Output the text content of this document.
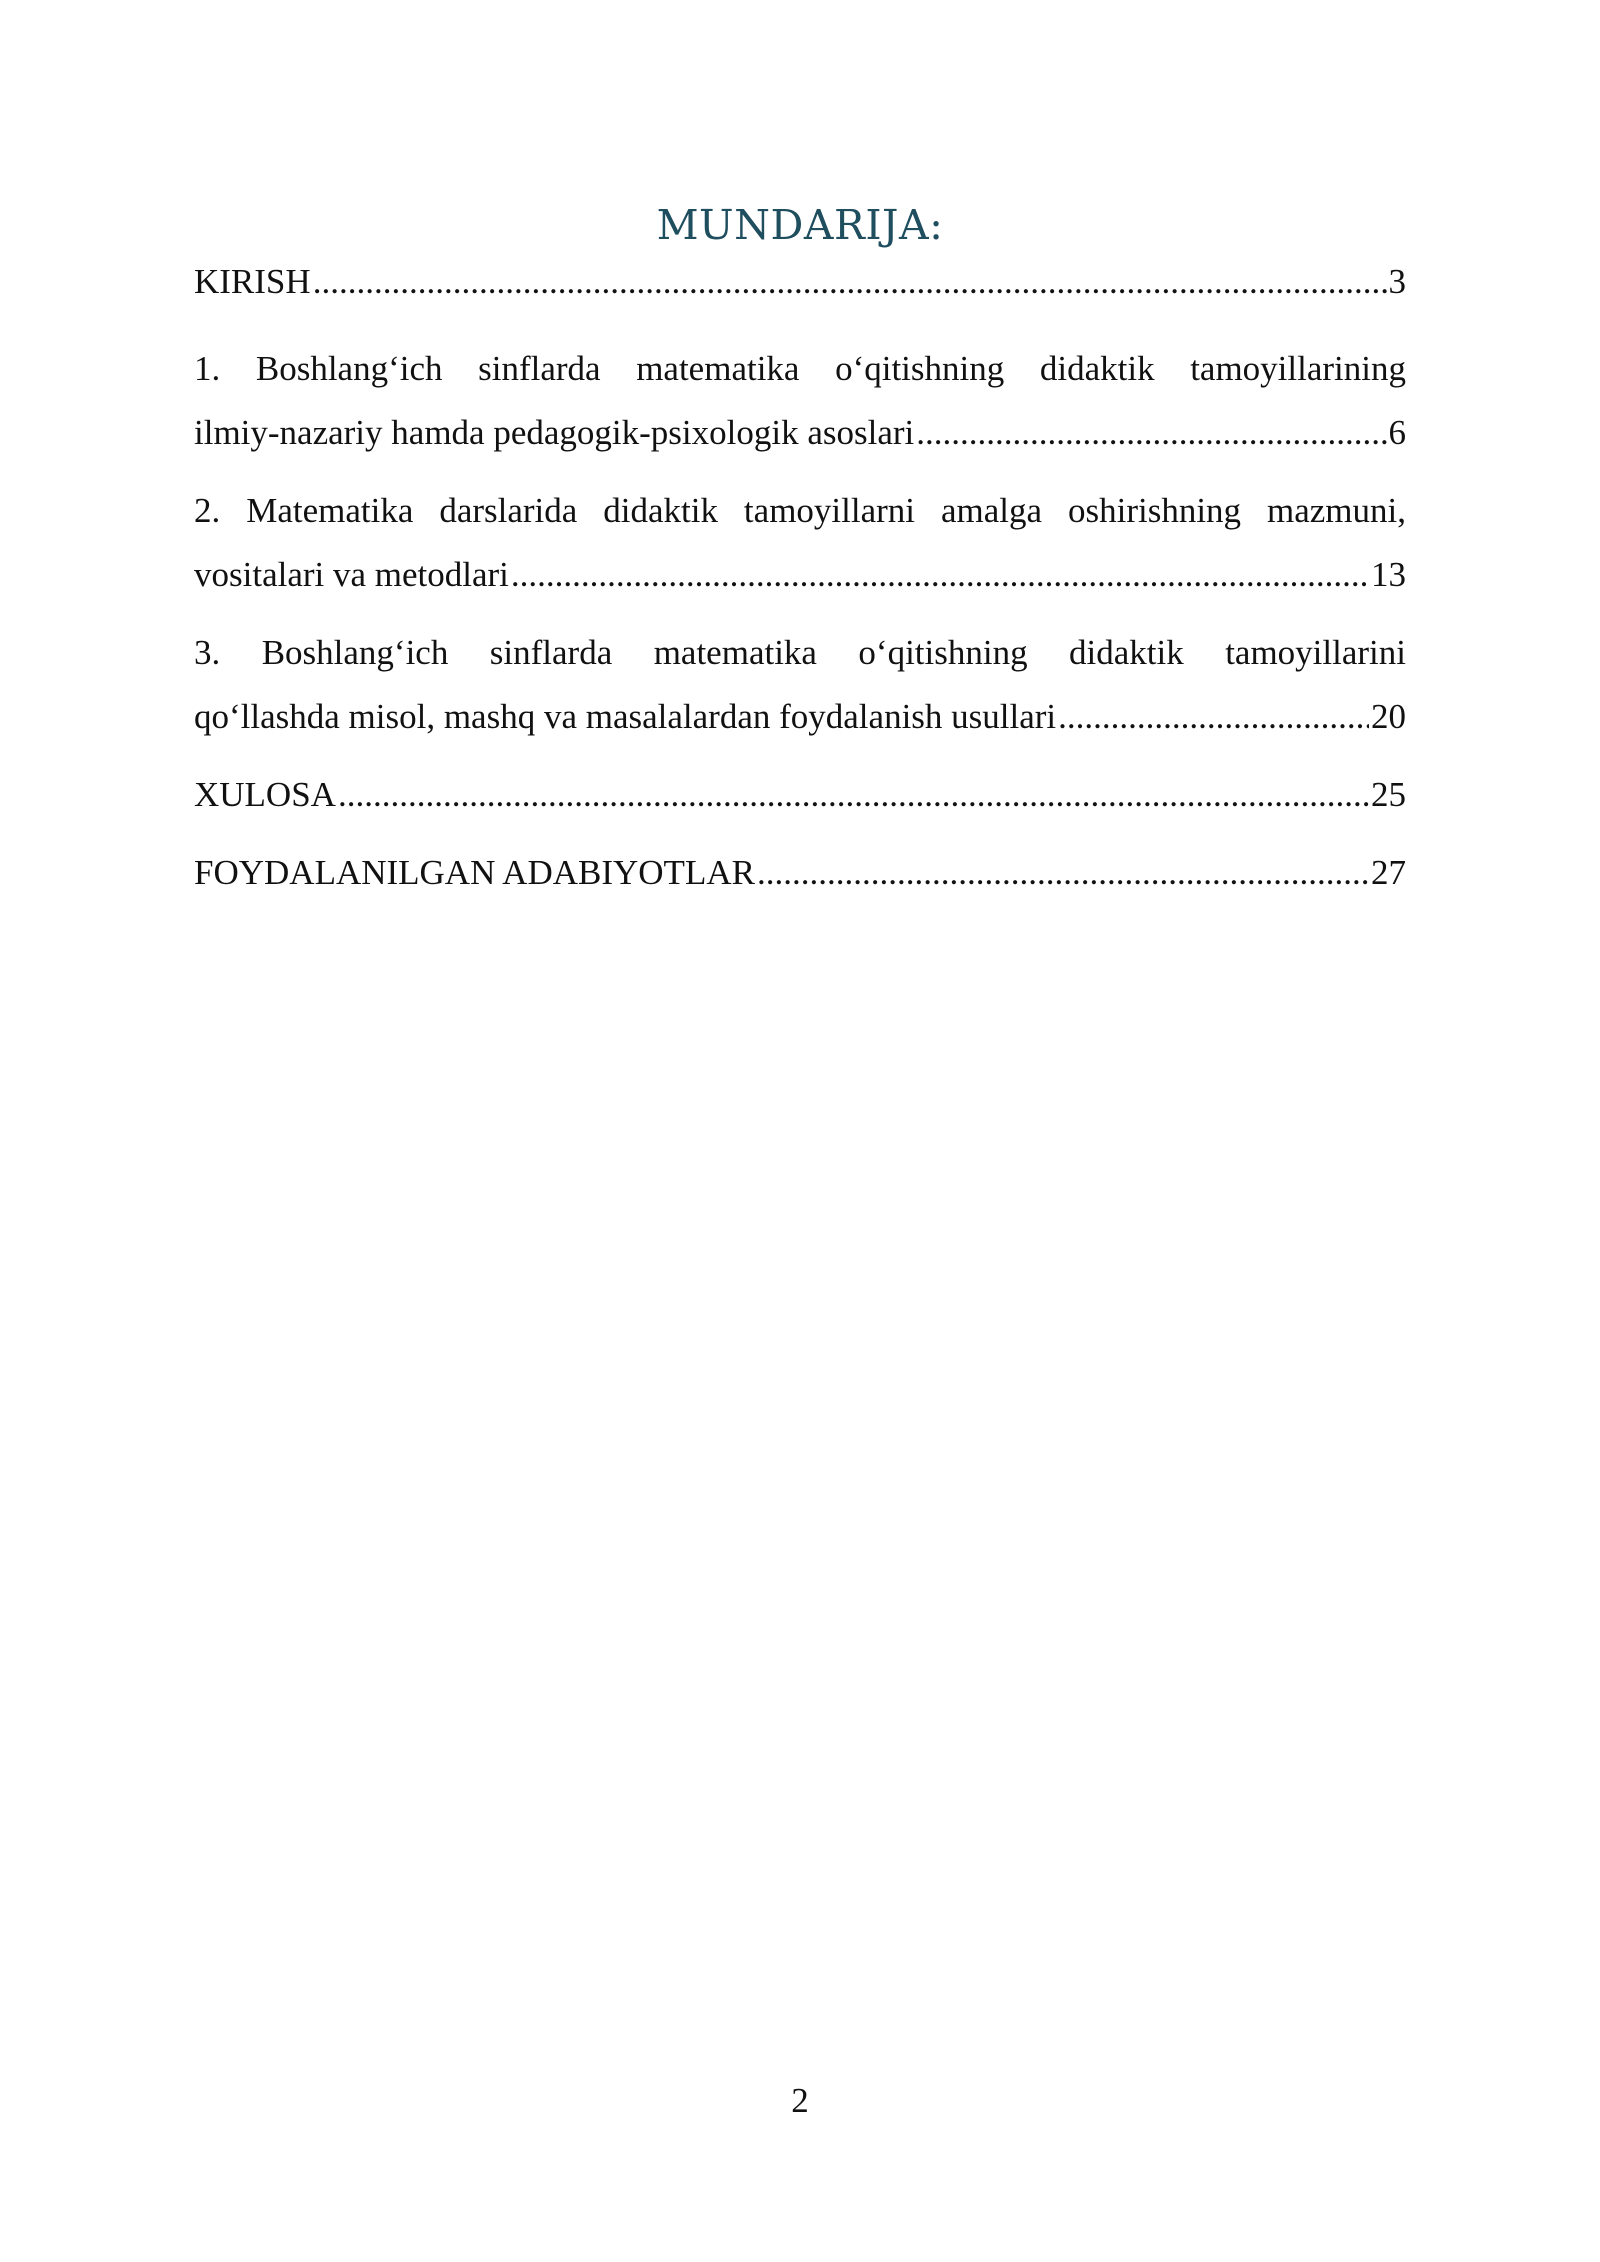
MUNDARIJA:
KIRISH .....	3
1. Boshlang‘ich sinflarda matematika o‘qitishning didaktik tamoyillarining
ilmiy-nazariy hamda pedagogik-psixologik asoslari .....	6
2. Matematika darslarida didaktik tamoyillarni amalga oshirishning mazmuni,
vositalari va metodlari .....	13
3. Boshlang‘ich sinflarda matematika o‘qitishning didaktik tamoyillarini
qo‘llashda misol, mashq va masalalardan foydalanish usullari .....	20
XULOSA .....	25
FOYDALANILGAN ADABIYOTLAR .....	27
2
